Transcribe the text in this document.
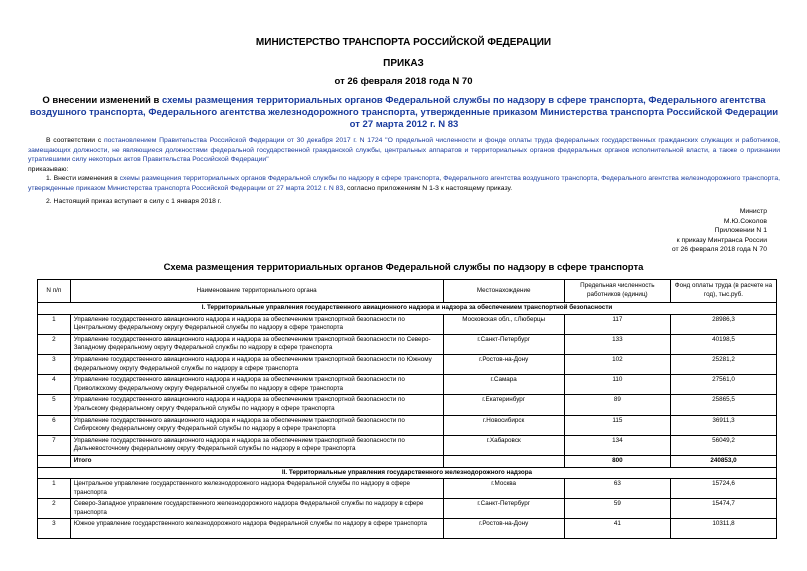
МИНИСТЕРСТВО ТРАНСПОРТА РОССИЙСКОЙ ФЕДЕРАЦИИ
ПРИКАЗ
от 26 февраля 2018 года N 70
О внесении изменений в схемы размещения территориальных органов Федеральной службы по надзору в сфере транспорта, Федерального агентства воздушного транспорта, Федерального агентства железнодорожного транспорта, утвержденные приказом Министерства транспорта Российской Федерации от 27 марта 2012 г. N 83
В соответствии с постановлением Правительства Российской Федерации от 30 декабря 2017 г. N 1724 "О предельной численности и фонде оплаты труда федеральных государственных гражданских служащих и работников, замещающих должности, не являющиеся должностями федеральной государственной гражданской службы, центральных аппаратов и территориальных органов федеральных органов исполнительной власти, а также о признании утратившими силу некоторых актов Правительства Российской Федерации"
приказываю:
1. Внести изменения в схемы размещения территориальных органов Федеральной службы по надзору в сфере транспорта, Федерального агентства воздушного транспорта, Федерального агентства железнодорожного транспорта, утвержденные приказом Министерства транспорта Российской Федерации от 27 марта 2012 г. N 83, согласно приложениям N 1-3 к настоящему приказу.
2. Настоящий приказ вступает в силу с 1 января 2018 г.
Министр
М.Ю.Соколов
Приложении N 1
к приказу Минтранса России
от 26 февраля 2018 года N 70
Схема размещения территориальных органов Федеральной службы по надзору в сфере транспорта
N п/п	Наименование территориального органа	Местонахождение	Предельная численность работников (единиц)	Фонд оплаты труда (в расчете на год), тыс.руб.
I. Территориальные управления государственного авиационного надзора и надзора за обеспечением транспортной безопасности				
1	Управление государственного авиационного надзора и надзора за обеспечением транспортной безопасности по Центральному федеральному округу Федеральной службы по надзору в сфере транспорта	Московская обл., г.Люберцы	117	28986,3
2	Управление государственного авиационного надзора и надзора за обеспечением транспортной безопасности по Северо-Западному федеральному округу Федеральной службы по надзору в сфере транспорта	г.Санкт-Петербург	133	40198,5
3	Управление государственного авиационного надзора и надзора за обеспечением транспортной безопасности по Южному федеральному округу Федеральной службы по надзору в сфере транспорта	г.Ростов-на-Дону	102	25281,2
4	Управление государственного авиационного надзора и надзора за обеспечением транспортной безопасности по Приволжскому федеральному округу Федеральной службы по надзору в сфере транспорта	г.Самара	110	27561,0
5	Управление государственного авиационного надзора и надзора за обеспечением транспортной безопасности по Уральскому федеральному округу Федеральной службы по надзору в сфере транспорта	г.Екатеринбург	89	25865,5
6	Управление государственного авиационного надзора и надзора за обеспечением транспортной безопасности по Сибирскому федеральному округу Федеральной службы по надзору в сфере транспорта	г.Новосибирск	115	36911,3
7	Управление государственного авиационного надзора и надзора за обеспечением транспортной безопасности по Дальневосточному федеральному округу Федеральной службы по надзору в сфере транспорта	г.Хабаровск	134	56049,2
	Итого		800	240853,0
II. Территориальные управления государственного железнодорожного надзора				
1	Центральное управление государственного железнодорожного надзора Федеральной службы по надзору в сфере транспорта	г.Москва	63	15724,6
2	Северо-Западное управление государственного железнодорожного надзора Федеральной службы по надзору в сфере транспорта	г.Санкт-Петербург	59	15474,7
3	Южное управление государственного железнодорожного надзора Федеральной службы по надзору в сфере транспорта	г.Ростов-на-Дону	41	10311,8
